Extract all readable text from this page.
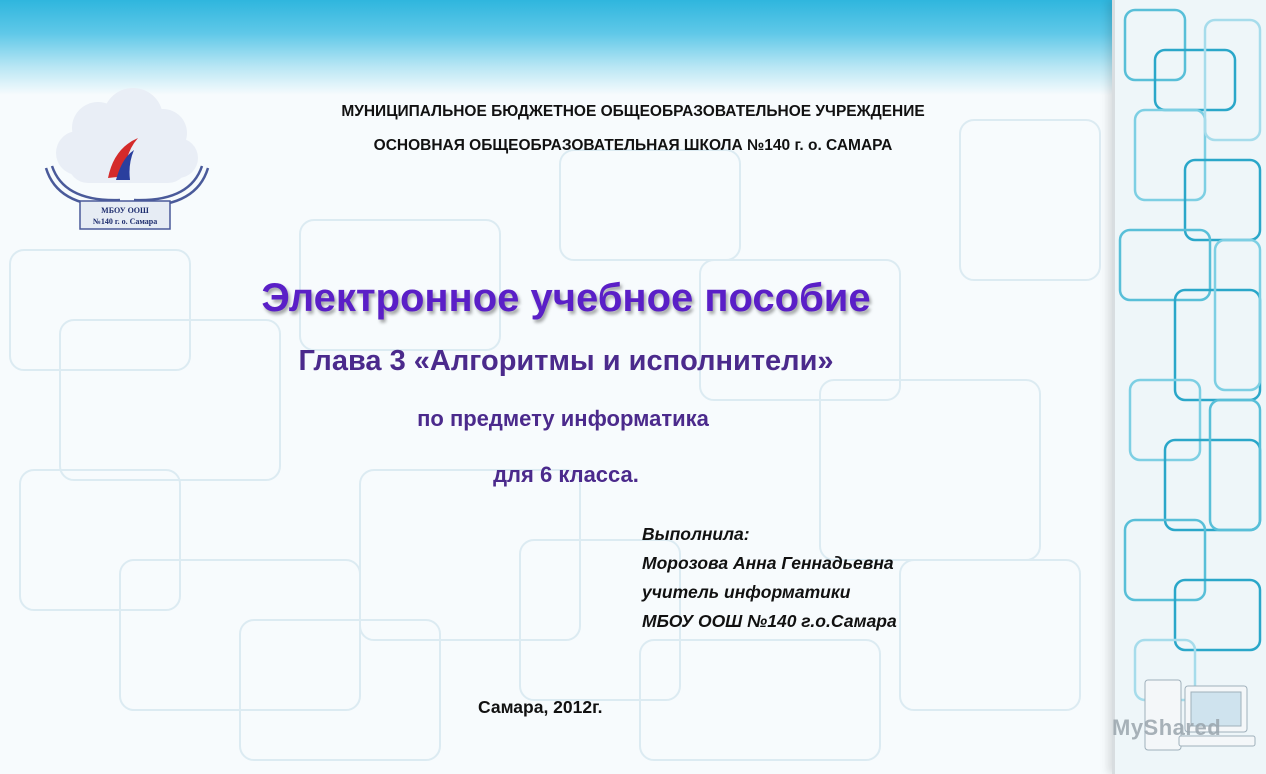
МУНИЦИПАЛЬНОЕ БЮДЖЕТНОЕ ОБЩЕОБРАЗОВАТЕЛЬНОЕ УЧРЕЖДЕНИЕ
ОСНОВНАЯ ОБЩЕОБРАЗОВАТЕЛЬНАЯ ШКОЛА №140 г. о. САМАРА
МБОУ ООШ
№140 г. о. Самара
Электронное учебное пособие
Глава 3 «Алгоритмы и исполнители»
по предмету информатика
для 6 класса.
Выполнила:
Морозова Анна Геннадьевна
учитель информатики
МБОУ ООШ №140 г.о.Самара
Самара, 2012г.
MyShared
